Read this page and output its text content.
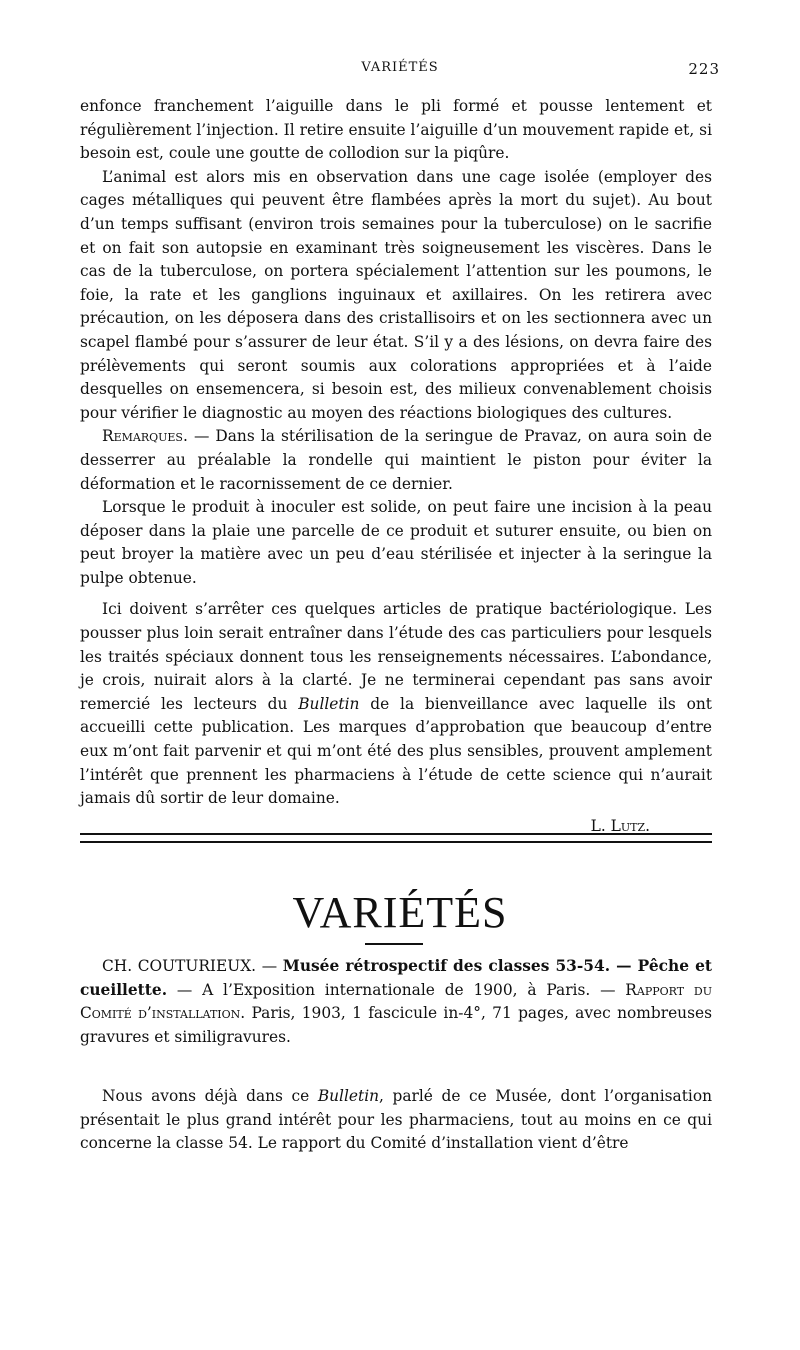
VARIÉTÉS	223

enfonce franchement l’aiguille dans le pli formé et pousse lentement et régulièrement l’injection. Il retire ensuite l’aiguille d’un mouvement rapide et, si besoin est, coule une goutte de collodion sur la piqûre.

L’animal est alors mis en observation dans une cage isolée (employer des cages métalliques qui peuvent être flambées après la mort du sujet). Au bout d’un temps suffisant (environ trois semaines pour la tuberculose) on le sacrifie et on fait son autopsie en examinant très soigneusement les viscères. Dans le cas de la tuberculose, on portera spécialement l’attention sur les poumons, le foie, la rate et les ganglions inguinaux et axillaires. On les retirera avec précaution, on les déposera dans des cristallisoirs et on les sectionnera avec un scapel flambé pour s’assurer de leur état. S’il y a des lésions, on devra faire des prélèvements qui seront soumis aux colorations appropriées et à l’aide desquelles on ensemencera, si besoin est, des milieux convenablement choisis pour vérifier le diagnostic au moyen des réactions biologiques des cultures.

Remarques. — Dans la stérilisation de la seringue de Pravaz, on aura soin de desserrer au préalable la rondelle qui maintient le piston pour éviter la déformation et le racornissement de ce dernier.

Lorsque le produit à inoculer est solide, on peut faire une incision à la peau déposer dans la plaie une parcelle de ce produit et suturer ensuite, ou bien on peut broyer la matière avec un peu d’eau stérilisée et injecter à la seringue la pulpe obtenue.

Ici doivent s’arrêter ces quelques articles de pratique bactériologique. Les pousser plus loin serait entraîner dans l’étude des cas particuliers pour lesquels les traités spéciaux donnent tous les renseignements nécessaires. L’abondance, je crois, nuirait alors à la clarté. Je ne terminerai cependant pas sans avoir remercié les lecteurs du Bulletin de la bienveillance avec laquelle ils ont accueilli cette publication. Les marques d’approbation que beaucoup d’entre eux m’ont fait parvenir et qui m’ont été des plus sensibles, prouvent amplement l’intérêt que prennent les pharmaciens à l’étude de cette science qui n’aurait jamais dû sortir de leur domaine.

L. Lutz.

VARIÉTÉS

CH. COUTURIEUX. — Musée rétrospectif des classes 53-54. — Pêche et cueillette. — A l’Exposition internationale de 1900, à Paris. — Rapport du Comité d’installation. Paris, 1903, 1 fascicule in-4°, 71 pages, avec nombreuses gravures et similigravures.

Nous avons déjà dans ce Bulletin, parlé de ce Musée, dont l’organisation présentait le plus grand intérêt pour les pharmaciens, tout au moins en ce qui concerne la classe 54. Le rapport du Comité d’installation vient d’être
